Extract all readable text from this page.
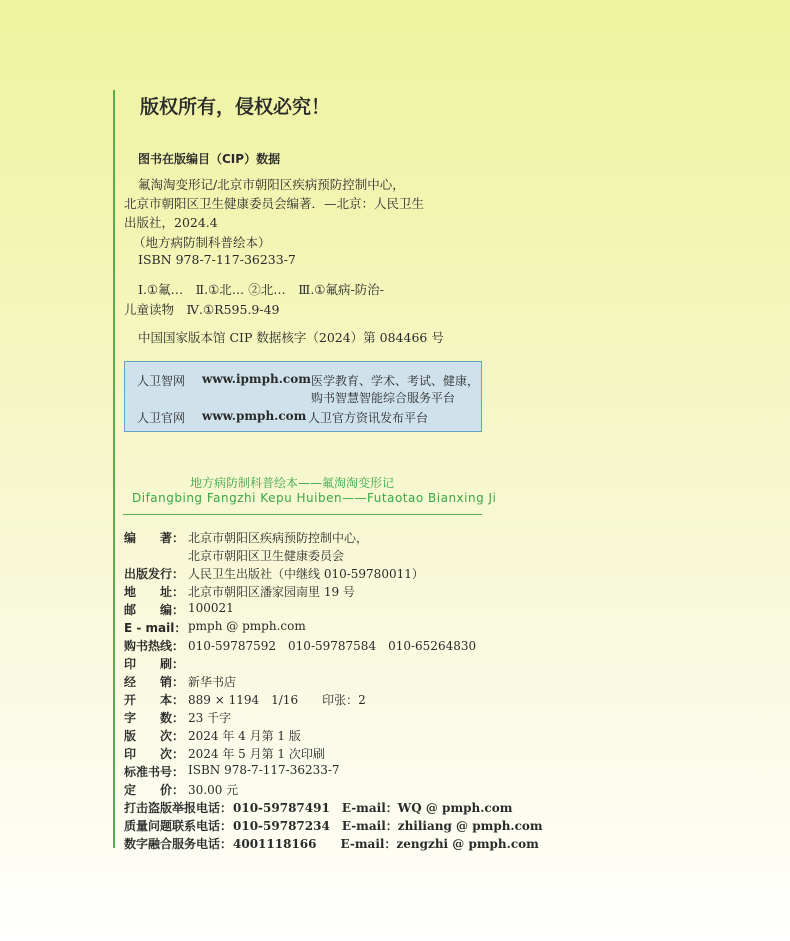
版权所有，侵权必究！
图书在版编目（CIP）数据
氟淘淘变形记/北京市朝阳区疾病预防控制中心，
北京市朝阳区卫生健康委员会编著．—北京：人民卫生
出版社，2024.4
（地方病防制科普绘本）
ISBN 978-7-117-36233-7
Ⅰ.①氟…　Ⅱ.①北… ②北…　Ⅲ.①氟病-防治-
儿童读物　Ⅳ.①R595.9-49
中国国家版本馆 CIP 数据核字（2024）第 084466 号
人卫智网 www.ipmph.com 医学教育、学术、考试、健康，
购书智慧智能综合服务平台
人卫官网 www.pmph.com 人卫官方资讯发布平台
地方病防制科普绘本——氟淘淘变形记
Difangbing Fangzhi Kepu Huiben——Futaotao Bianxing Ji
编　　著： 北京市朝阳区疾病预防控制中心，
北京市朝阳区卫生健康委员会
出版发行： 人民卫生出版社（中继线 010-59780011）
地　　址： 北京市朝阳区潘家园南里 19 号
邮　　编： 100021
E - mail： pmph @ pmph.com
购书热线： 010-59787592　010-59787584　010-65264830
印　　刷：
经　　销： 新华书店
开　　本： 889 × 1194　1/16　　印张：2
字　　数： 23 千字
版　　次： 2024 年 4 月第 1 版
印　　次： 2024 年 5 月第 1 次印刷
标准书号： ISBN 978-7-117-36233-7
定　　价： 30.00 元
打击盗版举报电话： 010-59787491　E-mail：WQ @ pmph.com
质量问题联系电话： 010-59787234　E-mail：zhiliang @ pmph.com
数字融合服务电话： 4001118166　　E-mail：zengzhi @ pmph.com
